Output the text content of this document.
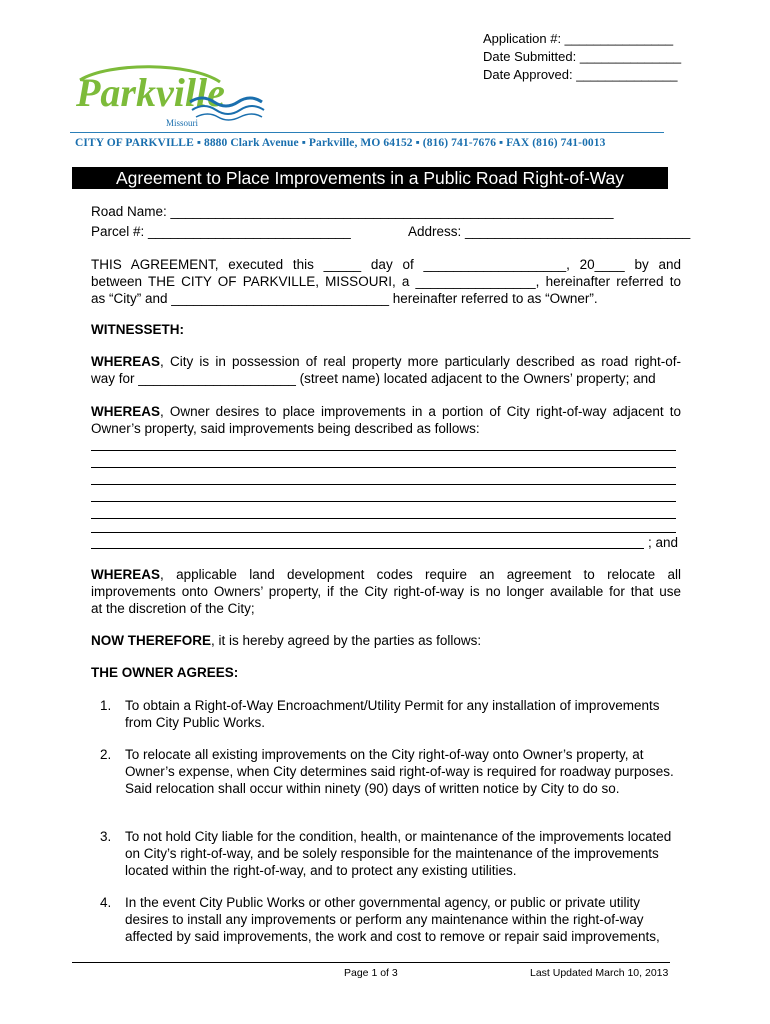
Application #: _______________
Date Submitted: ______________
Date Approved: ______________
Parkville
Missouri
CITY OF PARKVILLE ▪ 8880 Clark Avenue ▪ Parkville, MO 64152 ▪ (816) 741-7676 ▪ FAX (816) 741-0013
Agreement to Place Improvements in a Public Road Right-of-Way
Road Name: ___________________________________________________________
Parcel #: ___________________________	Address: ______________________________
THIS AGREEMENT, executed this _____ day of ___________________, 20____ by and
between THE CITY OF PARKVILLE, MISSOURI, a ________________, hereinafter referred to
as “City” and _____________________________ hereinafter referred to as “Owner”.
WITNESSETH:
WHEREAS, City is in possession of real property more particularly described as road right-of-
way for _____________________ (street name) located adjacent to the Owners’ property; and
WHEREAS, Owner desires to place improvements in a portion of City right-of-way adjacent to
Owner’s property, said improvements being described as follows:
; and
WHEREAS, applicable land development codes require an agreement to relocate all
improvements onto Owners’ property, if the City right-of-way is no longer available for that use
at the discretion of the City;
NOW THEREFORE, it is hereby agreed by the parties as follows:
THE OWNER AGREES:
1. To obtain a Right-of-Way Encroachment/Utility Permit for any installation of improvements from City Public Works.
2. To relocate all existing improvements on the City right-of-way onto Owner’s property, at Owner’s expense, when City determines said right-of-way is required for roadway purposes. Said relocation shall occur within ninety (90) days of written notice by City to do so.
3. To not hold City liable for the condition, health, or maintenance of the improvements located on City’s right-of-way, and be solely responsible for the maintenance of the improvements located within the right-of-way, and to protect any existing utilities.
4. In the event City Public Works or other governmental agency, or public or private utility desires to install any improvements or perform any maintenance within the right-of-way affected by said improvements, the work and cost to remove or repair said improvements,
Page 1 of 3	Last Updated March 10, 2013
